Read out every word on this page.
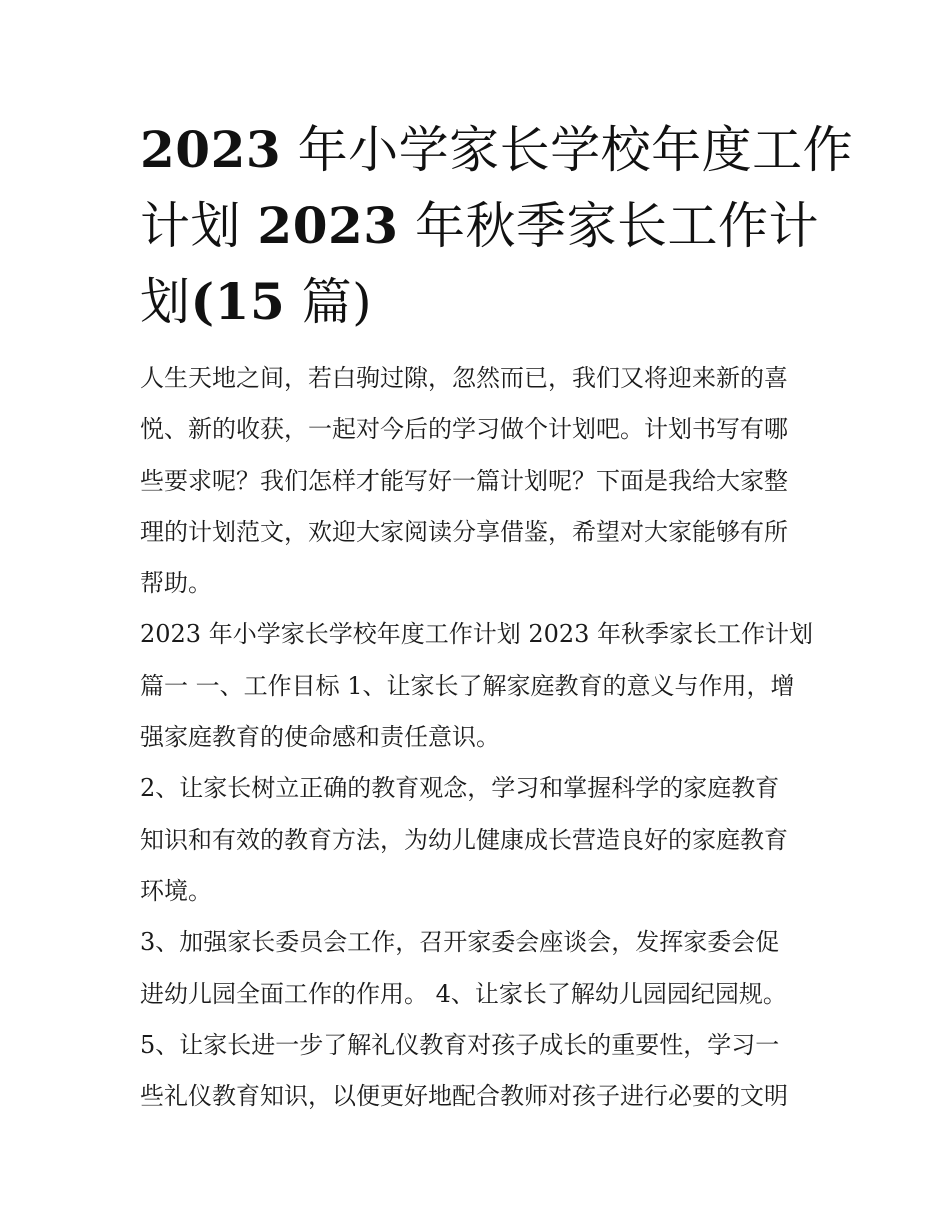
2023 年小学家长学校年度工作
计划 2023 年秋季家长工作计
划(15 篇)
人生天地之间，若白驹过隙，忽然而已，我们又将迎来新的喜
悦、新的收获，一起对今后的学习做个计划吧。计划书写有哪
些要求呢？我们怎样才能写好一篇计划呢？下面是我给大家整
理的计划范文，欢迎大家阅读分享借鉴，希望对大家能够有所
帮助。
2023 年小学家长学校年度工作计划 2023 年秋季家长工作计划
篇一 一、工作目标 1、让家长了解家庭教育的意义与作用，增
强家庭教育的使命感和责任意识。
2、让家长树立正确的教育观念，学习和掌握科学的家庭教育
知识和有效的教育方法，为幼儿健康成长营造良好的家庭教育
环境。
3、加强家长委员会工作，召开家委会座谈会，发挥家委会促
进幼儿园全面工作的作用。 4、让家长了解幼儿园园纪园规。
5、让家长进一步了解礼仪教育对孩子成长的重要性，学习一
些礼仪教育知识，以便更好地配合教师对孩子进行必要的文明
